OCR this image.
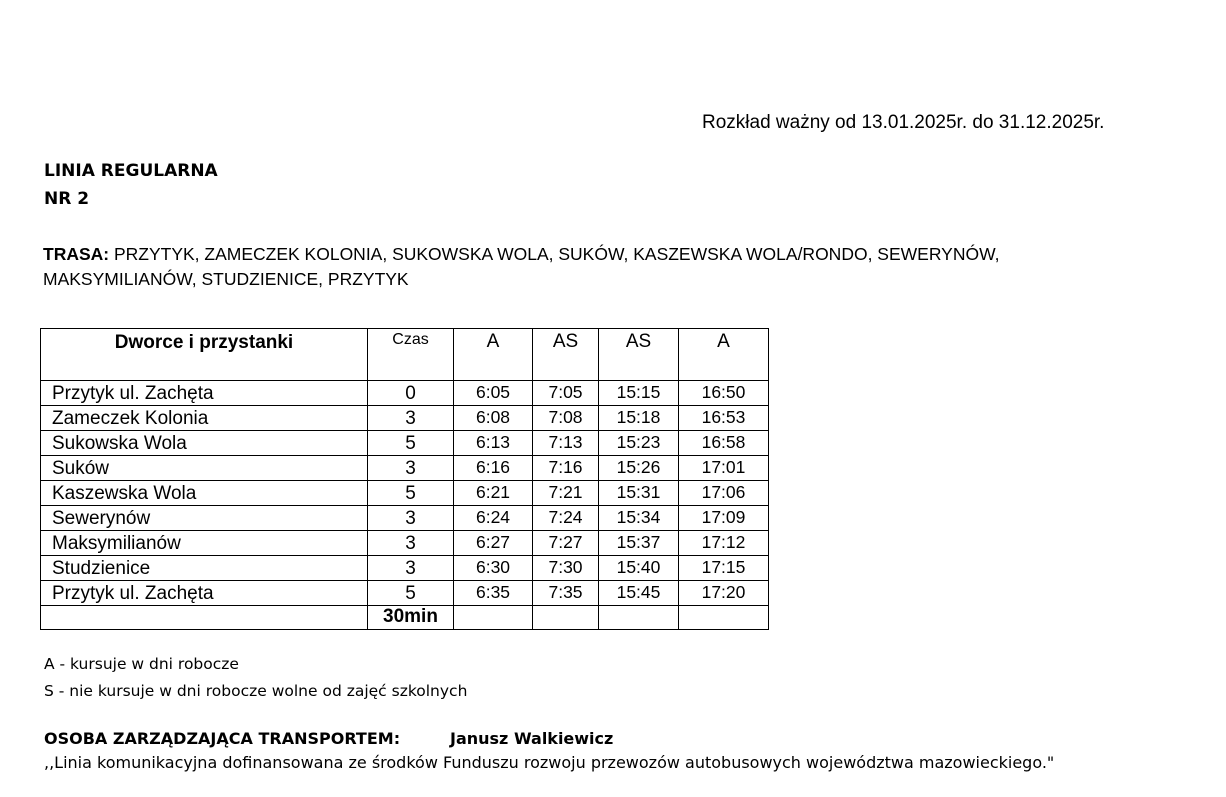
Rozkład ważny od 13.01.2025r. do 31.12.2025r.
LINIA REGULARNA
NR 2
TRASA: PRZYTYK, ZAMECZEK KOLONIA, SUKOWSKA WOLA, SUKÓW, KASZEWSKA WOLA/RONDO, SEWERYNÓW,
MAKSYMILIANÓW, STUDZIENICE, PRZYTYK
Dworce i przystanki	Czas	A	AS	AS	A
Przytyk ul. Zachęta	0	6:05	7:05	15:15	16:50
Zameczek Kolonia	3	6:08	7:08	15:18	16:53
Sukowska Wola	5	6:13	7:13	15:23	16:58
Suków	3	6:16	7:16	15:26	17:01
Kaszewska Wola	5	6:21	7:21	15:31	17:06
Sewerynów	3	6:24	7:24	15:34	17:09
Maksymilianów	3	6:27	7:27	15:37	17:12
Studzienice	3	6:30	7:30	15:40	17:15
Przytyk ul. Zachęta	5	6:35	7:35	15:45	17:20
	30min				
A - kursuje w dni robocze
S - nie kursuje w dni robocze wolne od zajęć szkolnych
OSOBA ZARZĄDZAJĄCA TRANSPORTEM:	Janusz Walkiewicz
,,Linia komunikacyjna dofinansowana ze środków Funduszu rozwoju przewozów autobusowych województwa mazowieckiego."
